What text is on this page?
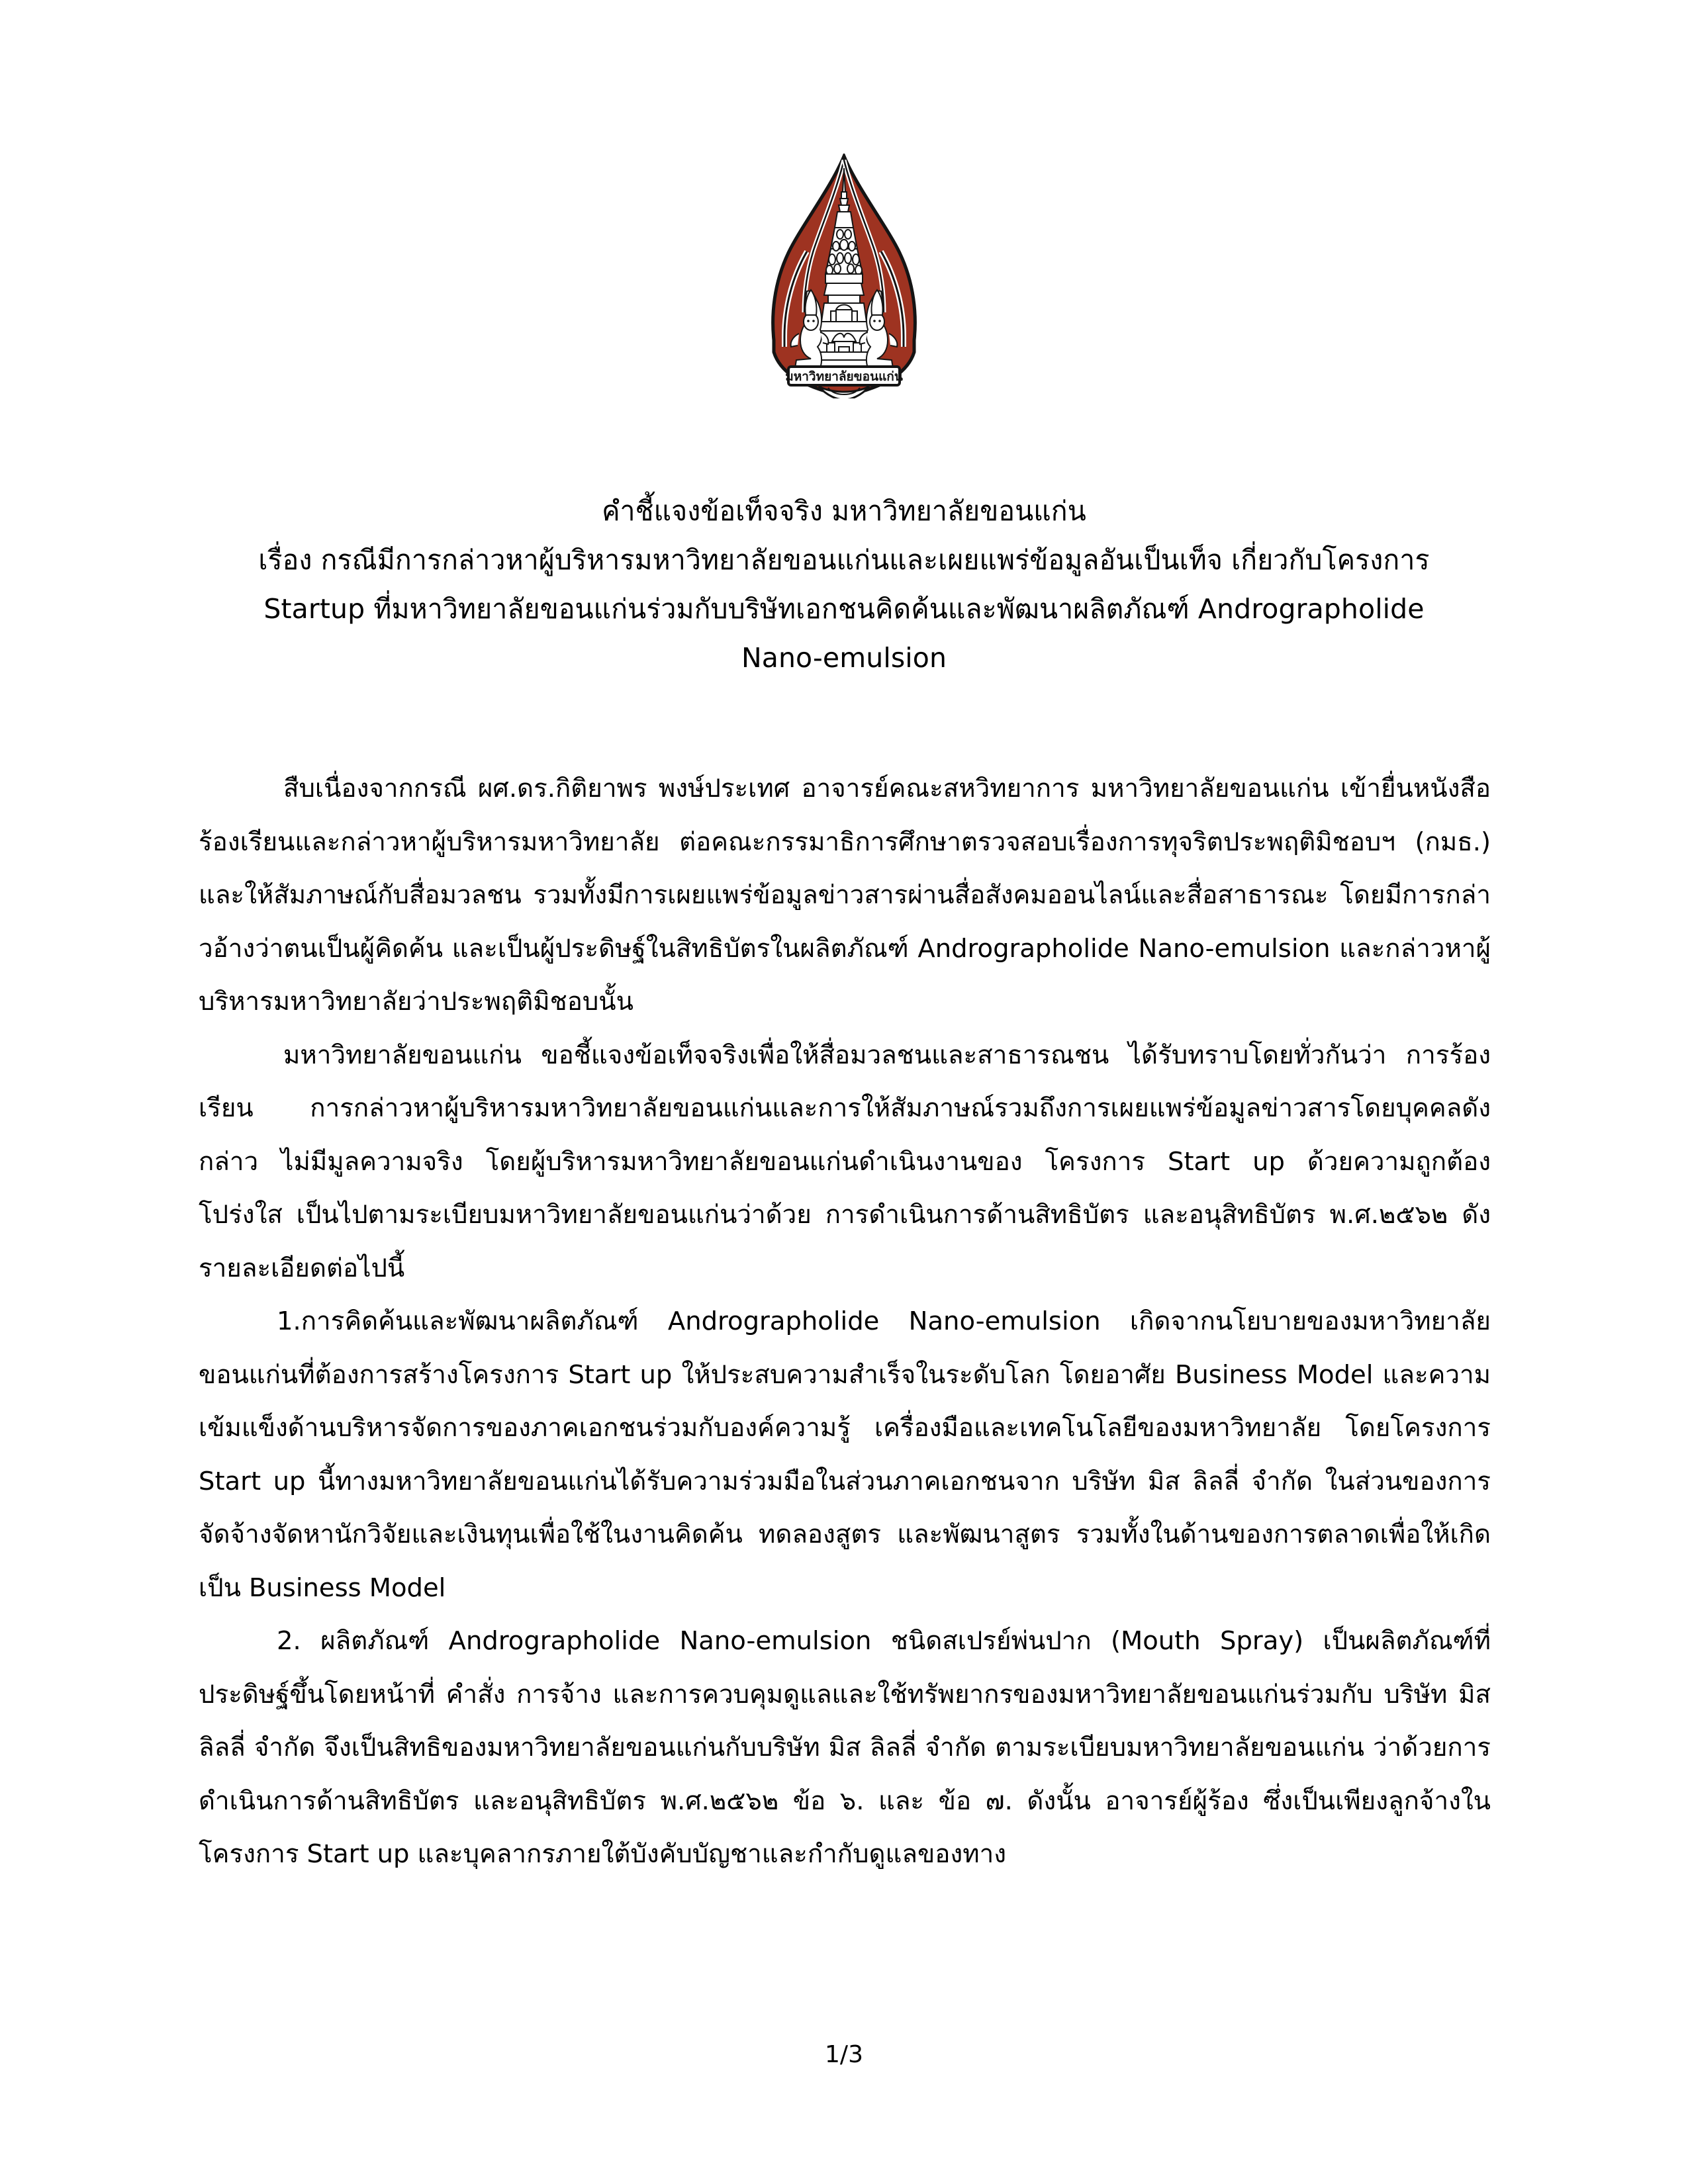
มหาวิทยาลัยขอนแก่น
คำชี้แจงข้อเท็จจริง มหาวิทยาลัยขอนแก่น
เรื่อง กรณีมีการกล่าวหาผู้บริหารมหาวิทยาลัยขอนแก่นและเผยแพร่ข้อมูลอันเป็นเท็จ เกี่ยวกับโครงการ
Startup ที่มหาวิทยาลัยขอนแก่นร่วมกับบริษัทเอกชนคิดค้นและพัฒนาผลิตภัณฑ์ Andrographolide
Nano-emulsion

สืบเนื่องจากกรณี ผศ.ดร.กิติยาพร พงษ์ประเทศ อาจารย์คณะสหวิทยาการ มหาวิทยาลัยขอนแก่น เข้ายื่นหนังสือร้องเรียนและกล่าวหาผู้บริหารมหาวิทยาลัย ต่อคณะกรรมาธิการศึกษาตรวจสอบเรื่องการทุจริตประพฤติมิชอบฯ (กมธ.) และให้สัมภาษณ์กับสื่อมวลชน รวมทั้งมีการเผยแพร่ข้อมูลข่าวสารผ่านสื่อสังคมออนไลน์และสื่อสาธารณะ โดยมีการกล่าวอ้างว่าตนเป็นผู้คิดค้น และเป็นผู้ประดิษฐ์ในสิทธิบัตรในผลิตภัณฑ์ Andrographolide Nano-emulsion และกล่าวหาผู้บริหารมหาวิทยาลัยว่าประพฤติมิชอบนั้น

มหาวิทยาลัยขอนแก่น ขอชี้แจงข้อเท็จจริงเพื่อให้สื่อมวลชนและสาธารณชน ได้รับทราบโดยทั่วกันว่า การร้องเรียน การกล่าวหาผู้บริหารมหาวิทยาลัยขอนแก่นและการให้สัมภาษณ์รวมถึงการเผยแพร่ข้อมูลข่าวสารโดยบุคคลดังกล่าว ไม่มีมูลความจริง โดยผู้บริหารมหาวิทยาลัยขอนแก่นดำเนินงานของ โครงการ Start up ด้วยความถูกต้อง โปร่งใส เป็นไปตามระเบียบมหาวิทยาลัยขอนแก่นว่าด้วย การดำเนินการด้านสิทธิบัตร และอนุสิทธิบัตร พ.ศ.๒๕๖๒ ดังรายละเอียดต่อไปนี้

1.การคิดค้นและพัฒนาผลิตภัณฑ์ Andrographolide Nano-emulsion เกิดจากนโยบายของมหาวิทยาลัยขอนแก่นที่ต้องการสร้างโครงการ Start up ให้ประสบความสำเร็จในระดับโลก โดยอาศัย Business Model และความเข้มแข็งด้านบริหารจัดการของภาคเอกชนร่วมกับองค์ความรู้ เครื่องมือและเทคโนโลยีของมหาวิทยาลัย โดยโครงการ Start up นี้ทางมหาวิทยาลัยขอนแก่นได้รับความร่วมมือในส่วนภาคเอกชนจาก บริษัท มิส ลิลลี่ จำกัด ในส่วนของการจัดจ้างจัดหานักวิจัยและเงินทุนเพื่อใช้ในงานคิดค้น ทดลองสูตร และพัฒนาสูตร รวมทั้งในด้านของการตลาดเพื่อให้เกิดเป็น Business Model

2. ผลิตภัณฑ์ Andrographolide Nano-emulsion ชนิดสเปรย์พ่นปาก (Mouth Spray) เป็นผลิตภัณฑ์ที่ประดิษฐ์ขึ้นโดยหน้าที่ คำสั่ง การจ้าง และการควบคุมดูแลและใช้ทรัพยากรของมหาวิทยาลัยขอนแก่นร่วมกับ บริษัท มิส ลิลลี่ จำกัด จึงเป็นสิทธิของมหาวิทยาลัยขอนแก่นกับบริษัท มิส ลิลลี่ จำกัด ตามระเบียบมหาวิทยาลัยขอนแก่น ว่าด้วยการดำเนินการด้านสิทธิบัตร และอนุสิทธิบัตร พ.ศ.๒๕๖๒ ข้อ ๖. และ ข้อ ๗. ดังนั้น อาจารย์ผู้ร้อง ซึ่งเป็นเพียงลูกจ้างในโครงการ Start up และบุคลากรภายใต้บังคับบัญชาและกำกับดูแลของทาง

1/3
